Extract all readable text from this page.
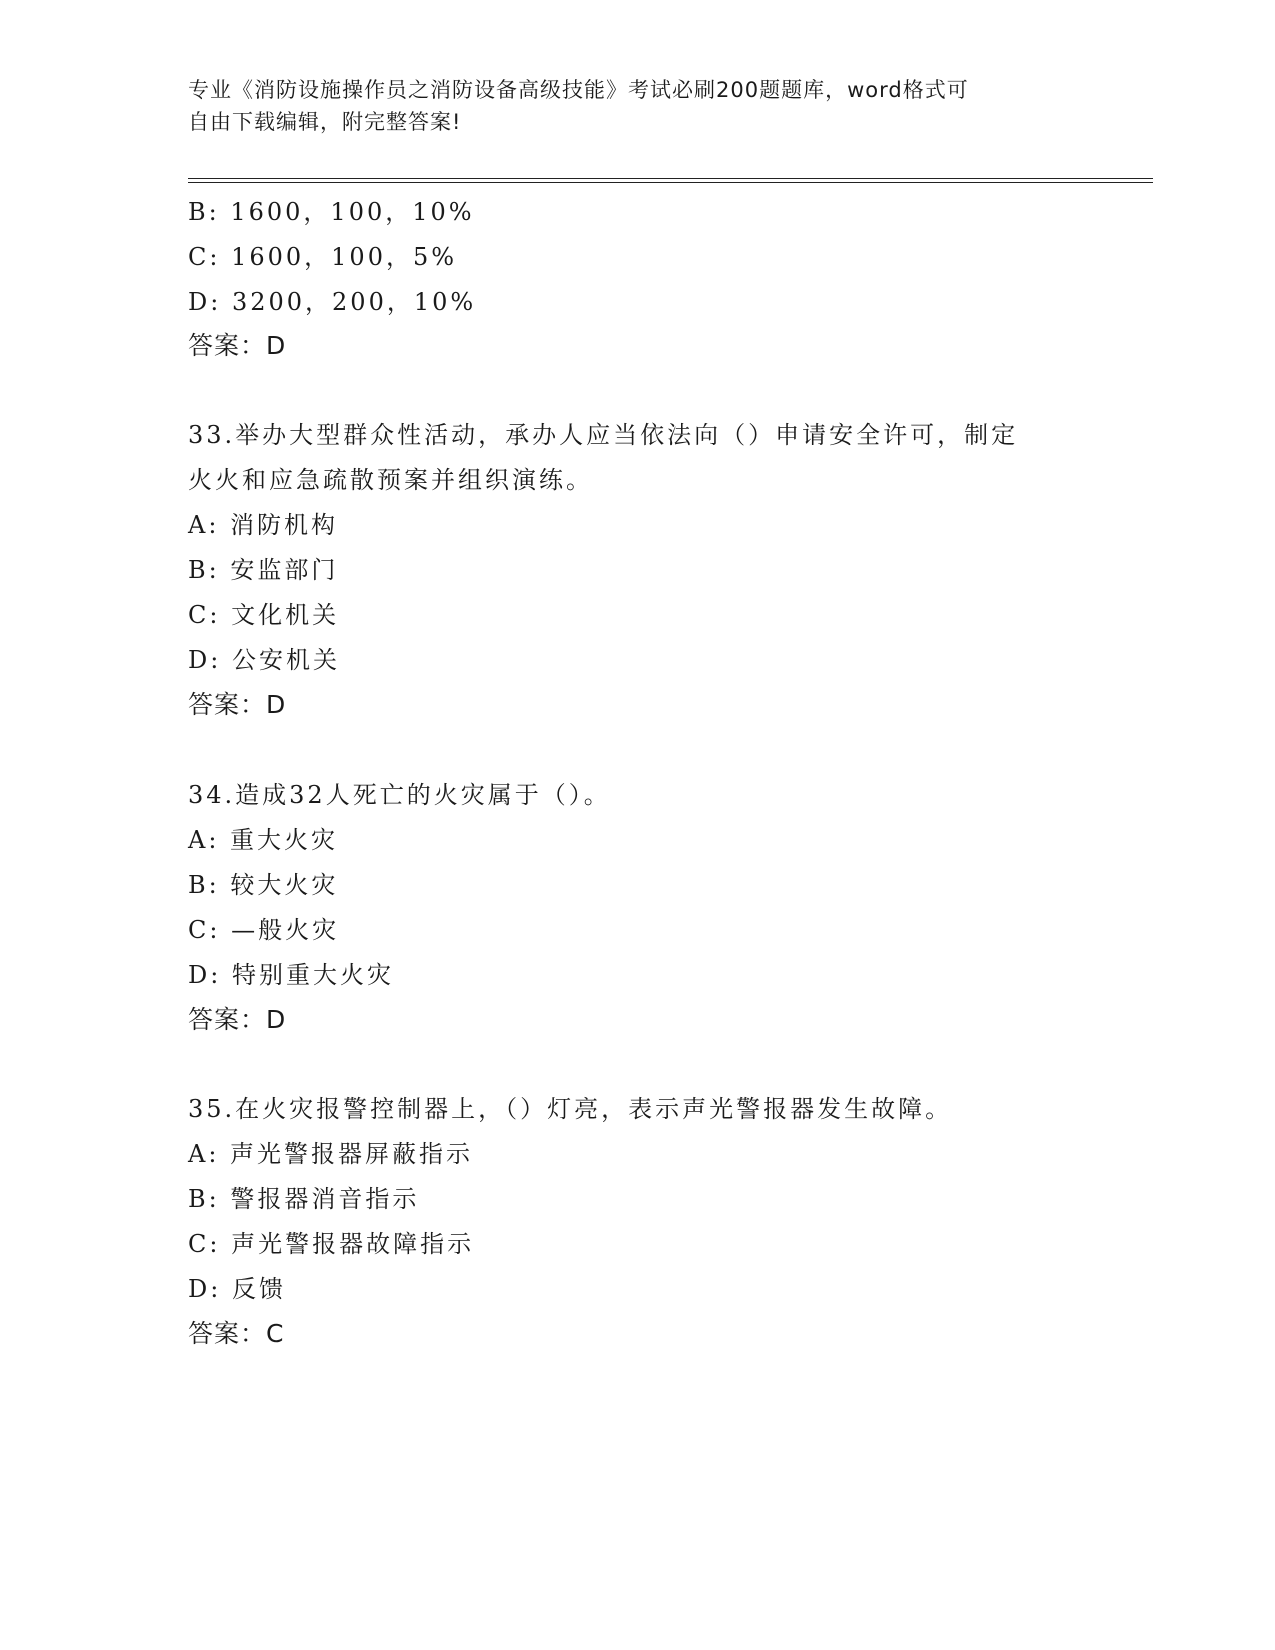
专业《消防设施操作员之消防设备高级技能》考试必刷200题题库，word格式可
自由下载编辑，附完整答案!
B: 1600，100，10%
C: 1600，100，5%
D: 3200，200，10%
答案：D
33.举办大型群众性活动，承办人应当依法向（）申请安全许可，制定
火火和应急疏散预案并组织演练。
A: 消防机构
B: 安监部门
C: 文化机关
D: 公安机关
答案：D
34.造成32人死亡的火灾属于（）。
A: 重大火灾
B: 较大火灾
C: —般火灾
D: 特别重大火灾
答案：D
35.在火灾报警控制器上，（）灯亮，表示声光警报器发生故障。
A: 声光警报器屏蔽指示
B: 警报器消音指示
C: 声光警报器故障指示
D: 反馈
答案：C
